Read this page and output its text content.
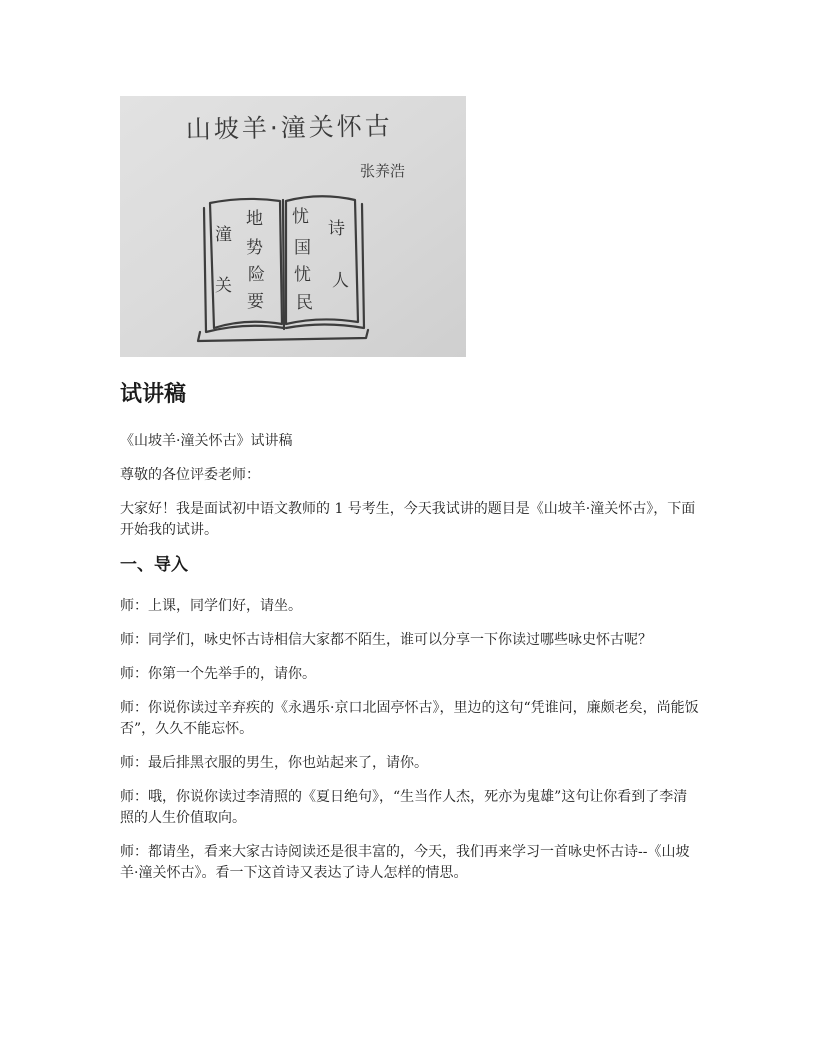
山坡羊·潼关怀古
张养浩
潼 关
地 势 险 要
忧 国 忧 民
诗 人
试讲稿

《山坡羊·潼关怀古》试讲稿

尊敬的各位评委老师：

大家好！我是面试初中语文教师的 1 号考生，今天我试讲的题目是《山坡羊·潼关怀古》，下面开始我的试讲。

一、导入

师：上课，同学们好，请坐。

师：同学们，咏史怀古诗相信大家都不陌生，谁可以分享一下你读过哪些咏史怀古呢？

师：你第一个先举手的，请你。

师：你说你读过辛弃疾的《永遇乐·京口北固亭怀古》，里边的这句“凭谁问，廉颇老矣，尚能饭否”，久久不能忘怀。

师：最后排黑衣服的男生，你也站起来了，请你。

师：哦，你说你读过李清照的《夏日绝句》，“生当作人杰，死亦为鬼雄”这句让你看到了李清照的人生价值取向。

师：都请坐，看来大家古诗阅读还是很丰富的，今天，我们再来学习一首咏史怀古诗--《山坡羊·潼关怀古》。看一下这首诗又表达了诗人怎样的情思。
